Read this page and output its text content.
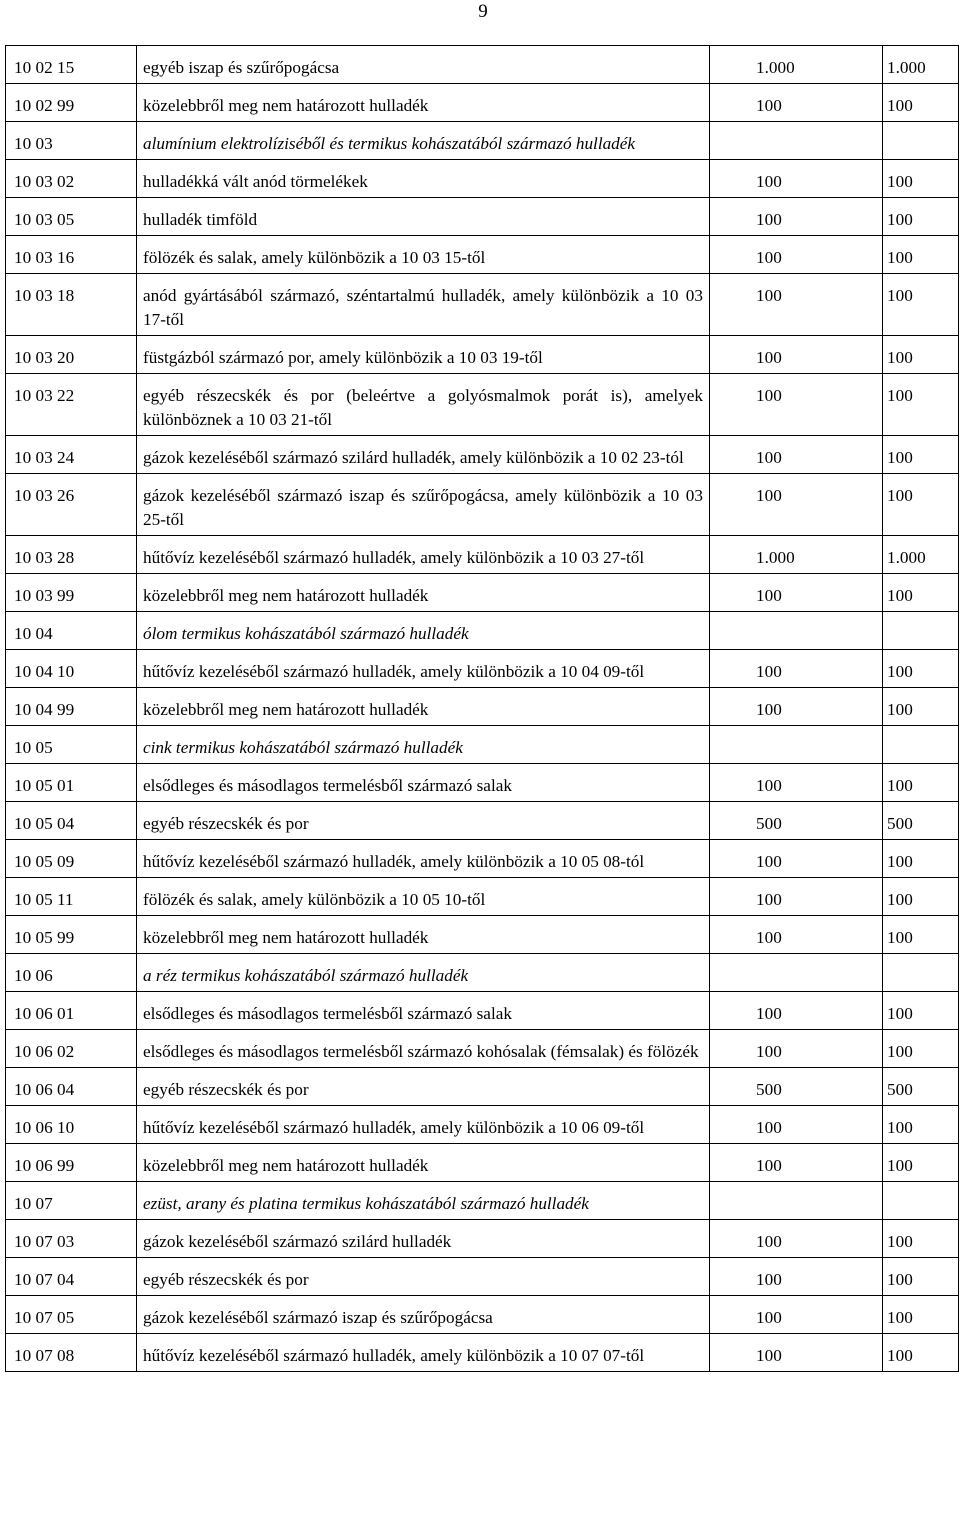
9
10 02 15	egyéb iszap és szűrőpogácsa	1.000	1.000
10 02 99	közelebbről meg nem határozott hulladék	100	100
10 03	alumínium elektrolíziséből és termikus kohászatából származó hulladék		
10 03 02	hulladékká vált anód törmelékek	100	100
10 03 05	hulladék timföld	100	100
10 03 16	fölözék és salak, amely különbözik a 10 03 15-től	100	100
10 03 18	anód gyártásából származó, széntartalmú hulladék, amely különbözik a 10 03 17-től	100	100
10 03 20	füstgázból származó por, amely különbözik a 10 03 19-től	100	100
10 03 22	egyéb részecskék és por (beleértve a golyósmalmok porát is), amelyek különböznek a 10 03 21-től	100	100
10 03 24	gázok kezeléséből származó szilárd hulladék, amely különbözik a 10 02 23-tól	100	100
10 03 26	gázok kezeléséből származó iszap és szűrőpogácsa, amely különbözik a 10 03 25-től	100	100
10 03 28	hűtővíz kezeléséből származó hulladék, amely különbözik a 10 03 27-től	1.000	1.000
10 03 99	közelebbről meg nem határozott hulladék	100	100
10 04	ólom termikus kohászatából származó hulladék		
10 04 10	hűtővíz kezeléséből származó hulladék, amely különbözik a 10 04 09-től	100	100
10 04 99	közelebbről meg nem határozott hulladék	100	100
10 05	cink termikus kohászatából származó hulladék		
10 05 01	elsődleges és másodlagos termelésből származó salak	100	100
10 05 04	egyéb részecskék és por	500	500
10 05 09	hűtővíz kezeléséből származó hulladék, amely különbözik a 10 05 08-tól	100	100
10 05 11	fölözék és salak, amely különbözik a 10 05 10-től	100	100
10 05 99	közelebbről meg nem határozott hulladék	100	100
10 06	a réz termikus kohászatából származó hulladék		
10 06 01	elsődleges és másodlagos termelésből származó salak	100	100
10 06 02	elsődleges és másodlagos termelésből származó kohósalak (fémsalak) és fölözék	100	100
10 06 04	egyéb részecskék és por	500	500
10 06 10	hűtővíz kezeléséből származó hulladék, amely különbözik a 10 06 09-től	100	100
10 06 99	közelebbről meg nem határozott hulladék	100	100
10 07	ezüst, arany és platina termikus kohászatából származó hulladék		
10 07 03	gázok kezeléséből származó szilárd hulladék	100	100
10 07 04	egyéb részecskék és por	100	100
10 07 05	gázok kezeléséből származó iszap és szűrőpogácsa	100	100
10 07 08	hűtővíz kezeléséből származó hulladék, amely különbözik a 10 07 07-től	100	100
